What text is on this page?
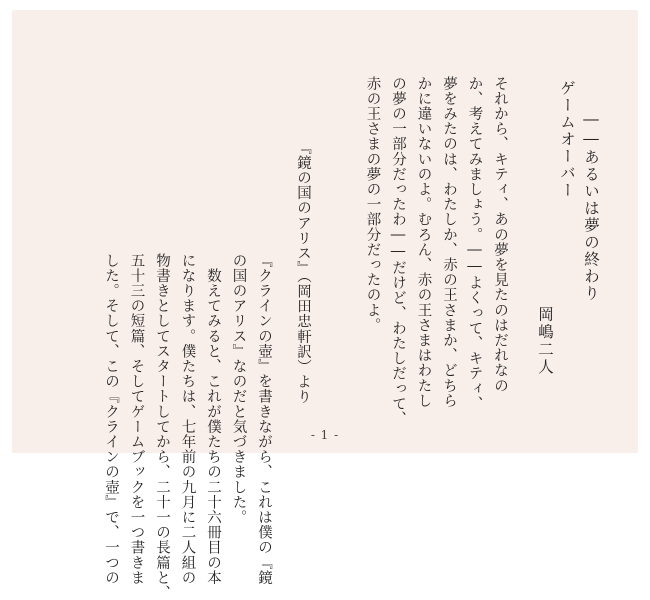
ゲームオーバー ――あるいは夢の終わり
岡嶋二人
それから、キティ、あの夢を見たのはだれなの
か、考えてみましょう。――よくって、キティ、
夢をみたのは、わたしか、赤の王さまか、どちら
かに違いないのよ。むろん、赤の王さまはわたし
の夢の一部分だったわ――だけど、わたしだって、
赤の王さまの夢の一部分だったのよ。
『鏡の国のアリス』（岡田忠軒訳）より
『クラインの壺』を書きながら、これは僕の『鏡
の国のアリス』なのだと気づきました。
　数えてみると、これが僕たちの二十六冊目の本
になります。僕たちは、七年前の九月に二人組の
物書きとしてスタートしてから、二十一の長篇と、
五十三の短篇、そしてゲームブックを一つ書きま
した。そして、この『クラインの壺』で、一つの	- 1 -
